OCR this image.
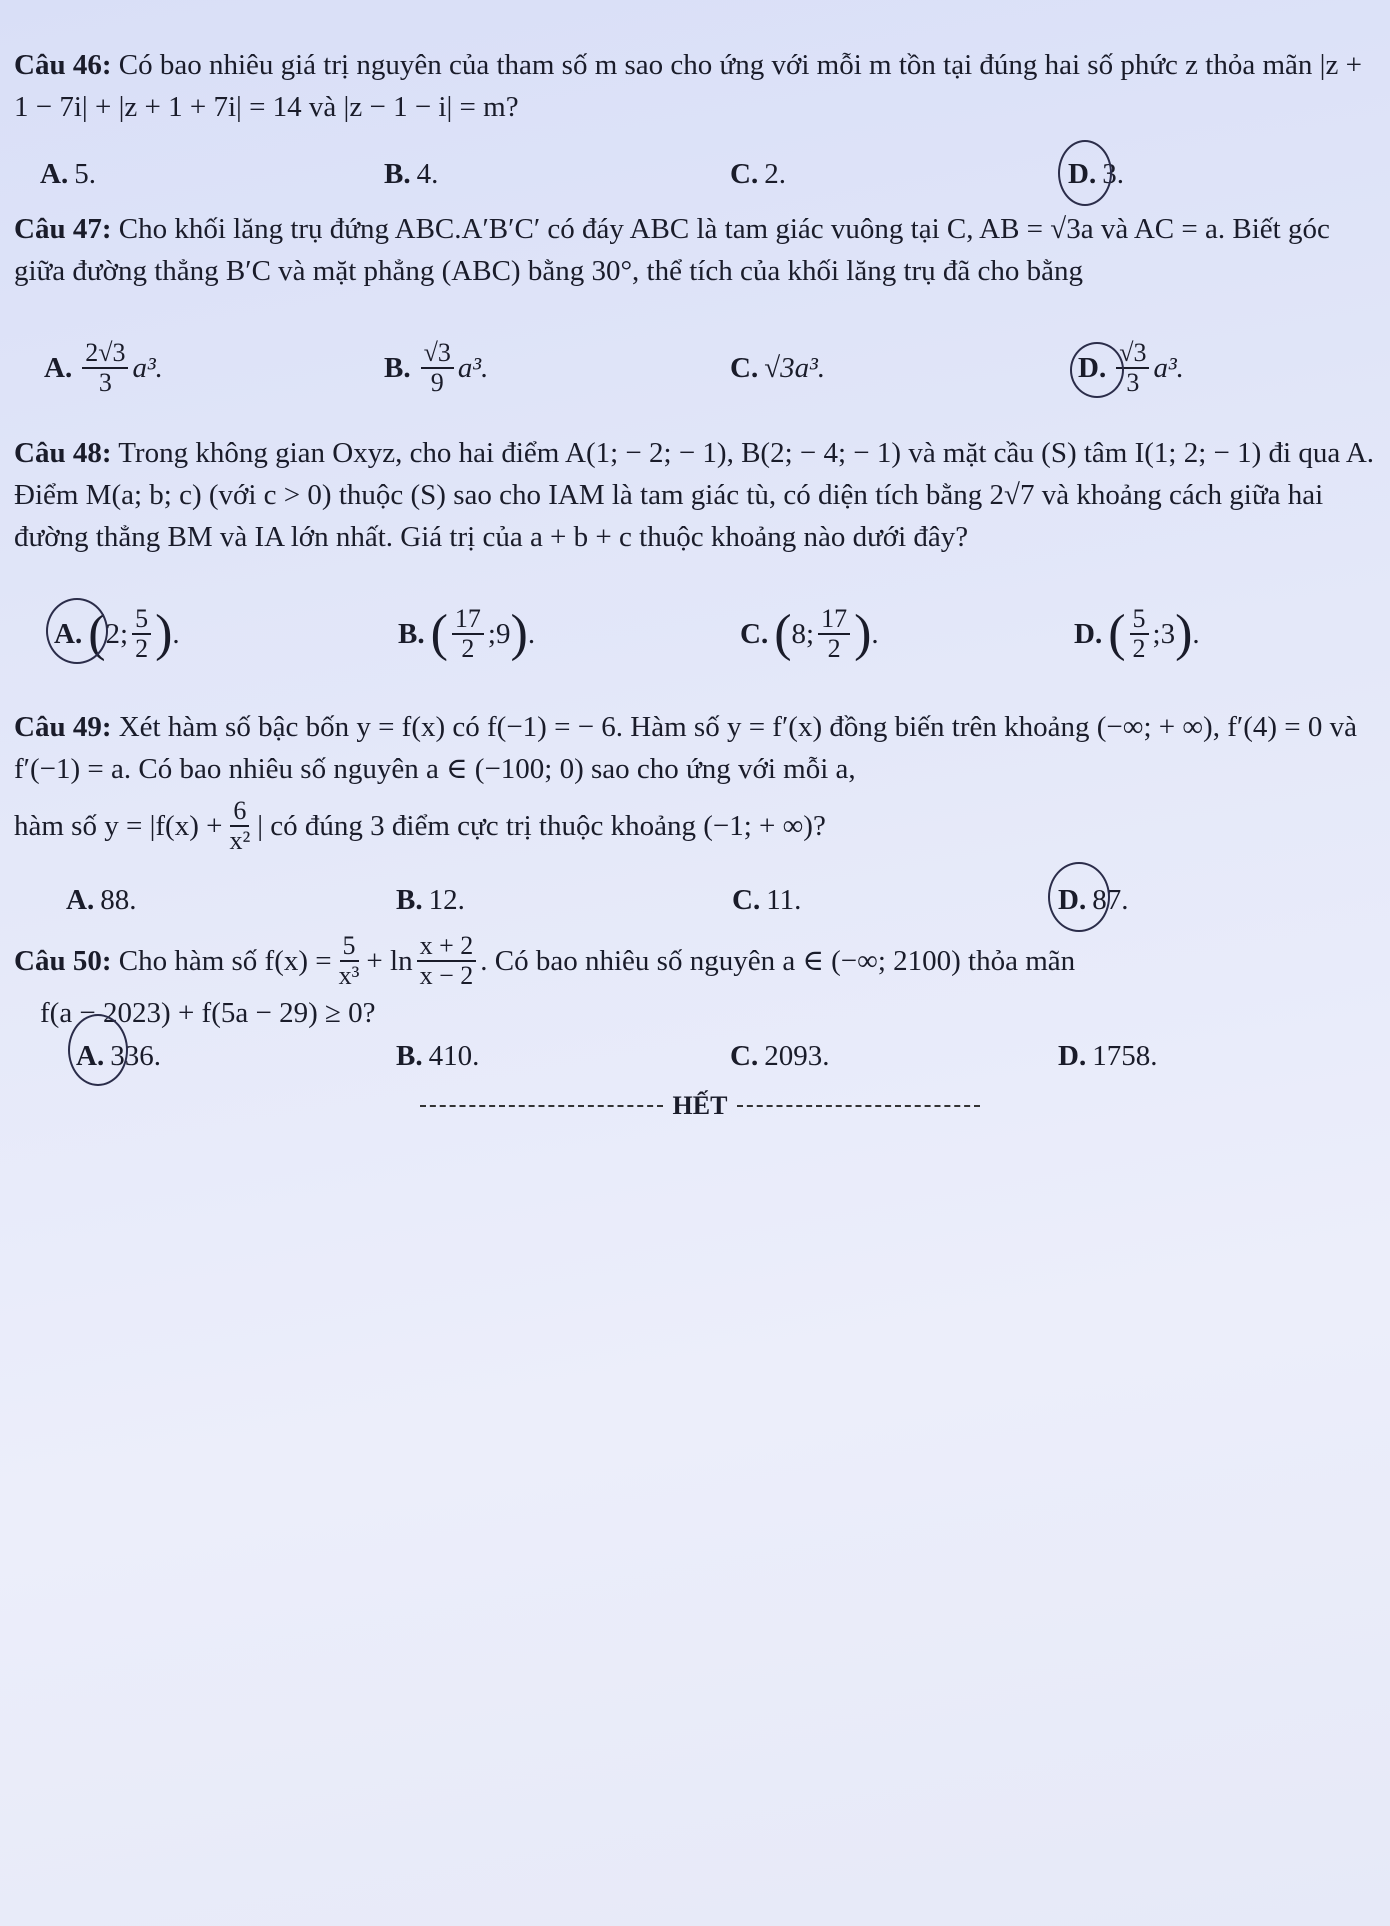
Câu 46: Có bao nhiêu giá trị nguyên của tham số m sao cho ứng với mỗi m tồn tại đúng hai số phức z thỏa mãn |z + 1 − 7i| + |z + 1 + 7i| = 14 và |z − 1 − i| = m?

A. 5.	B. 4.	C. 2.	D. 3.

Câu 47: Cho khối lăng trụ đứng ABC.A′B′C′ có đáy ABC là tam giác vuông tại C, AB = √3a và AC = a. Biết góc giữa đường thẳng B′C và mặt phẳng (ABC) bằng 30°, thể tích của khối lăng trụ đã cho bằng

A. $\frac{2√3}{3} a^3$.	B. $\frac{√3}{9} a^3$.	C. √3a³.	D. $\frac{√3}{3} a^3$.

Câu 48: Trong không gian Oxyz, cho hai điểm A(1; − 2; − 1), B(2; − 4; − 1) và mặt cầu (S) tâm I(1; 2; − 1) đi qua A. Điểm M(a; b; c) (với c > 0) thuộc (S) sao cho IAM là tam giác tù, có diện tích bằng 2√7 và khoảng cách giữa hai đường thẳng BM và IA lớn nhất. Giá trị của a + b + c thuộc khoảng nào dưới đây?

A. ( 2; $\frac{5}{2}$ ) .	B. ( $\frac{17}{2}$ ;9 ) .	C. ( 8; $\frac{17}{2}$ ) .	D. ( $\frac{5}{2}$ ;3 ) .

Câu 49: Xét hàm số bậc bốn y = f(x) có f(−1) = − 6. Hàm số y = f′(x) đồng biến trên khoảng (−∞; + ∞), f′(4) = 0 và f′(−1) = a. Có bao nhiêu số nguyên a ∈ (−100; 0) sao cho ứng với mỗi a,

hàm số $y = |f(x) + \frac{6}{\text{x²}}$ | có đúng 3 điểm cực trị thuộc khoảng (−1; + ∞)?

A. 88.	B. 12.	C. 11.	D. 87.

Câu 50:
Cho hàm số $f(x) = \frac{5}{\text{x³}} + \ln \frac{x + 2}{x - 2}$ . Có bao nhiêu số nguyên a ∈ (−∞; 2100) thỏa mãn

f(a − 2023) + f(5a − 29) ≥ 0?

A. 336.	B. 410.	C. 2093.	D. 1758.
HẾT
